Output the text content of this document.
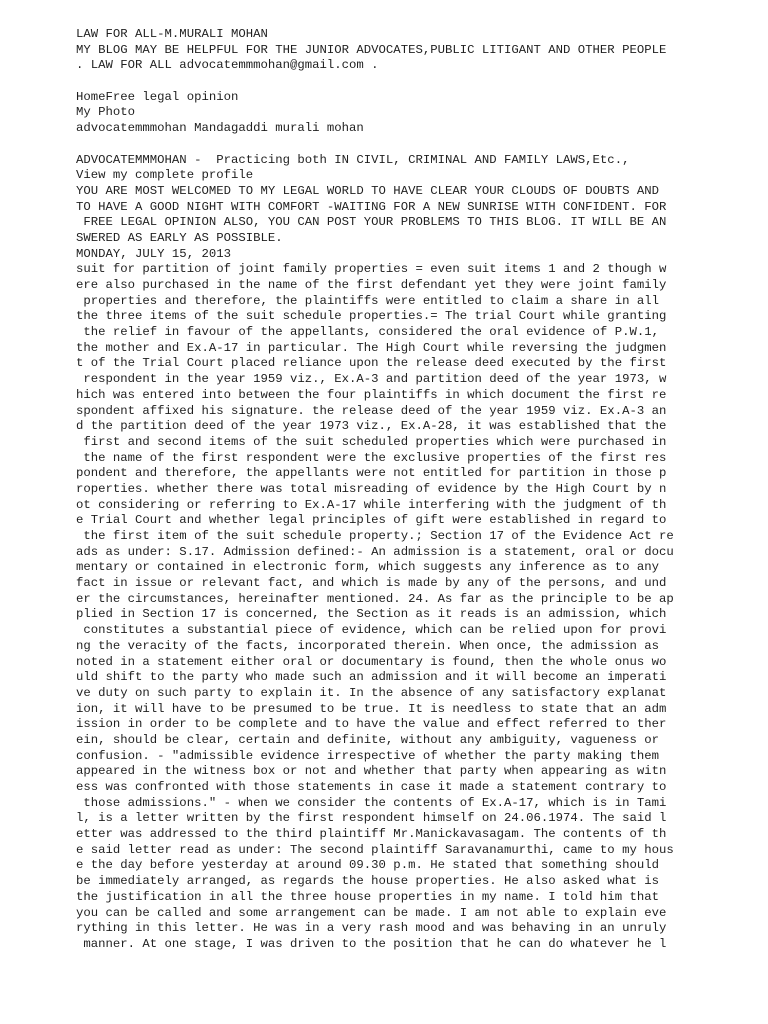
LAW FOR ALL-M.MURALI MOHAN
MY BLOG MAY BE HELPFUL FOR THE JUNIOR ADVOCATES,PUBLIC LITIGANT AND OTHER PEOPLE
. LAW FOR ALL advocatemmmohan@gmail.com .
HomeFree legal opinion
My Photo
advocatemmmohan Mandagaddi murali mohan
ADVOCATEMMMOHAN -  Practicing both IN CIVIL, CRIMINAL AND FAMILY LAWS,Etc.,
View my complete profile
YOU ARE MOST WELCOMED TO MY LEGAL WORLD TO HAVE CLEAR YOUR CLOUDS OF DOUBTS AND
TO HAVE A GOOD NIGHT WITH COMFORT -WAITING FOR A NEW SUNRISE WITH CONFIDENT. FOR
FREE LEGAL OPINION ALSO, YOU CAN POST YOUR PROBLEMS TO THIS BLOG. IT WILL BE AN
SWERED AS EARLY AS POSSIBLE.
MONDAY, JULY 15, 2013
suit for partition of joint family properties = even suit items 1 and 2 though w
ere also purchased in the name of the first defendant yet they were joint family
properties and therefore, the plaintiffs were entitled to claim a share in all
the three items of the suit schedule properties.= The trial Court while granting
the relief in favour of the appellants, considered the oral evidence of P.W.1,
the mother and Ex.A-17 in particular. The High Court while reversing the judgmen
t of the Trial Court placed reliance upon the release deed executed by the first
respondent in the year 1959 viz., Ex.A-3 and partition deed of the year 1973, w
hich was entered into between the four plaintiffs in which document the first re
spondent affixed his signature. the release deed of the year 1959 viz. Ex.A-3 an
d the partition deed of the year 1973 viz., Ex.A-28, it was established that the
first and second items of the suit scheduled properties which were purchased in
the name of the first respondent were the exclusive properties of the first res
pondent and therefore, the appellants were not entitled for partition in those p
roperties. whether there was total misreading of evidence by the High Court by n
ot considering or referring to Ex.A-17 while interfering with the judgment of th
e Trial Court and whether legal principles of gift were established in regard to
the first item of the suit schedule property.; Section 17 of the Evidence Act re
ads as under: S.17. Admission defined:- An admission is a statement, oral or docu
mentary or contained in electronic form, which suggests any inference as to any
fact in issue or relevant fact, and which is made by any of the persons, and und
er the circumstances, hereinafter mentioned. 24. As far as the principle to be ap
plied in Section 17 is concerned, the Section as it reads is an admission, which
constitutes a substantial piece of evidence, which can be relied upon for provi
ng the veracity of the facts, incorporated therein. When once, the admission as
noted in a statement either oral or documentary is found, then the whole onus wo
uld shift to the party who made such an admission and it will become an imperati
ve duty on such party to explain it. In the absence of any satisfactory explanat
ion, it will have to be presumed to be true. It is needless to state that an adm
ission in order to be complete and to have the value and effect referred to ther
ein, should be clear, certain and definite, without any ambiguity, vagueness or
confusion. - "admissible evidence irrespective of whether the party making them
appeared in the witness box or not and whether that party when appearing as witn
ess was confronted with those statements in case it made a statement contrary to
those admissions." - when we consider the contents of Ex.A-17, which is in Tami
l, is a letter written by the first respondent himself on 24.06.1974. The said l
etter was addressed to the third plaintiff Mr.Manickavasagam. The contents of th
e said letter read as under: The second plaintiff Saravanamurthi, came to my hous
e the day before yesterday at around 09.30 p.m. He stated that something should
be immediately arranged, as regards the house properties. He also asked what is
the justification in all the three house properties in my name. I told him that
you can be called and some arrangement can be made. I am not able to explain eve
rything in this letter. He was in a very rash mood and was behaving in an unruly
manner. At one stage, I was driven to the position that he can do whatever he l
